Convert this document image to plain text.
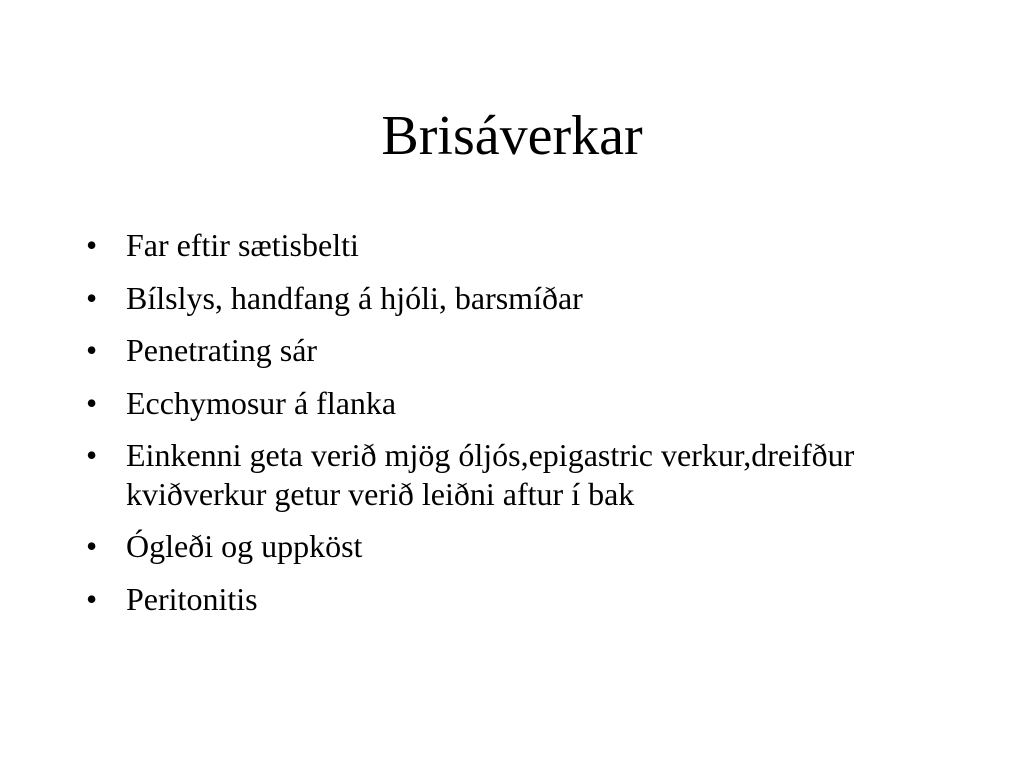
Brisáverkar
• Far eftir sætisbelti
• Bílslys, handfang á hjóli, barsmíðar
• Penetrating sár
• Ecchymosur á flanka
• Einkenni geta verið mjög óljós,epigastric verkur,dreifður kviðverkur getur verið leiðni aftur í bak
• Ógleði og uppköst
• Peritonitis
